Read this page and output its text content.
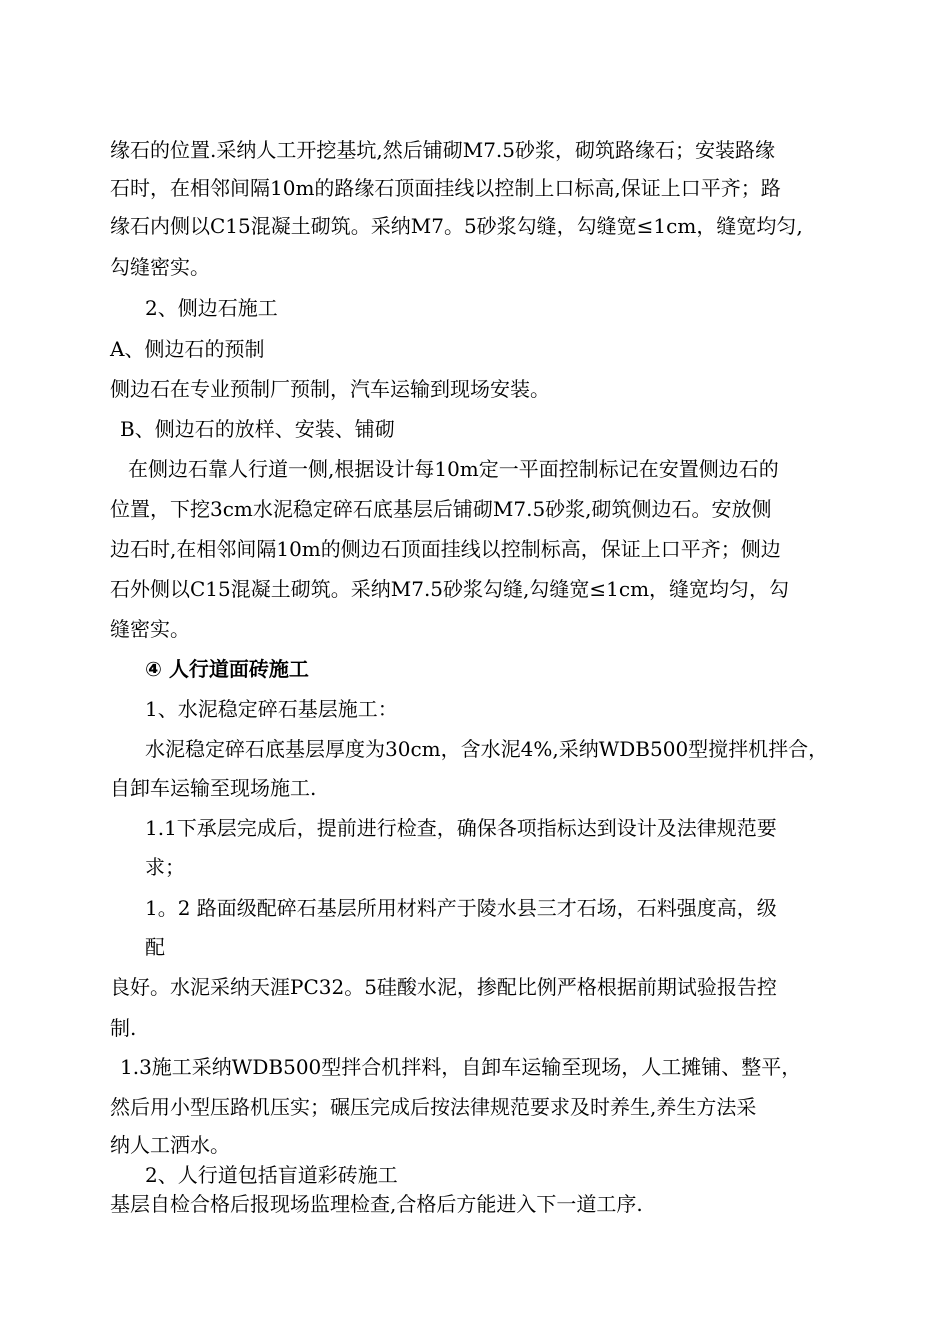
缘石的位置.采纳人工开挖基坑,然后铺砌M7.5砂浆，砌筑路缘石；安装路缘
石时，在相邻间隔10m的路缘石顶面挂线以控制上口标高,保证上口平齐；路
缘石内侧以C15混凝土砌筑。采纳M7。5砂浆勾缝，勾缝宽≤1cm，缝宽均匀,
勾缝密实。
2、侧边石施工
A、侧边石的预制
侧边石在专业预制厂预制，汽车运输到现场安装。
B、侧边石的放样、安装、铺砌
在侧边石靠人行道一侧,根据设计每10m定一平面控制标记在安置侧边石的
位置，下挖3cm水泥稳定碎石底基层后铺砌M7.5砂浆,砌筑侧边石。安放侧
边石时,在相邻间隔10m的侧边石顶面挂线以控制标高，保证上口平齐；侧边
石外侧以C15混凝土砌筑。采纳M7.5砂浆勾缝,勾缝宽≤1cm，缝宽均匀，勾
缝密实。
④ 人行道面砖施工
1、水泥稳定碎石基层施工：
水泥稳定碎石底基层厚度为30cm，含水泥4%,采纳WDB500型搅拌机拌合，
自卸车运输至现场施工.
1.1下承层完成后，提前进行检查，确保各项指标达到设计及法律规范要
求；
1。2 路面级配碎石基层所用材料产于陵水县三才石场，石料强度高，级
配
良好。水泥采纳天涯PC32。5硅酸水泥，掺配比例严格根据前期试验报告控
制.
1.3施工采纳WDB500型拌合机拌料，自卸车运输至现场，人工摊铺、整平，
然后用小型压路机压实；碾压完成后按法律规范要求及时养生,养生方法采
纳人工洒水。
2、人行道包括盲道彩砖施工
基层自检合格后报现场监理检查,合格后方能进入下一道工序.
